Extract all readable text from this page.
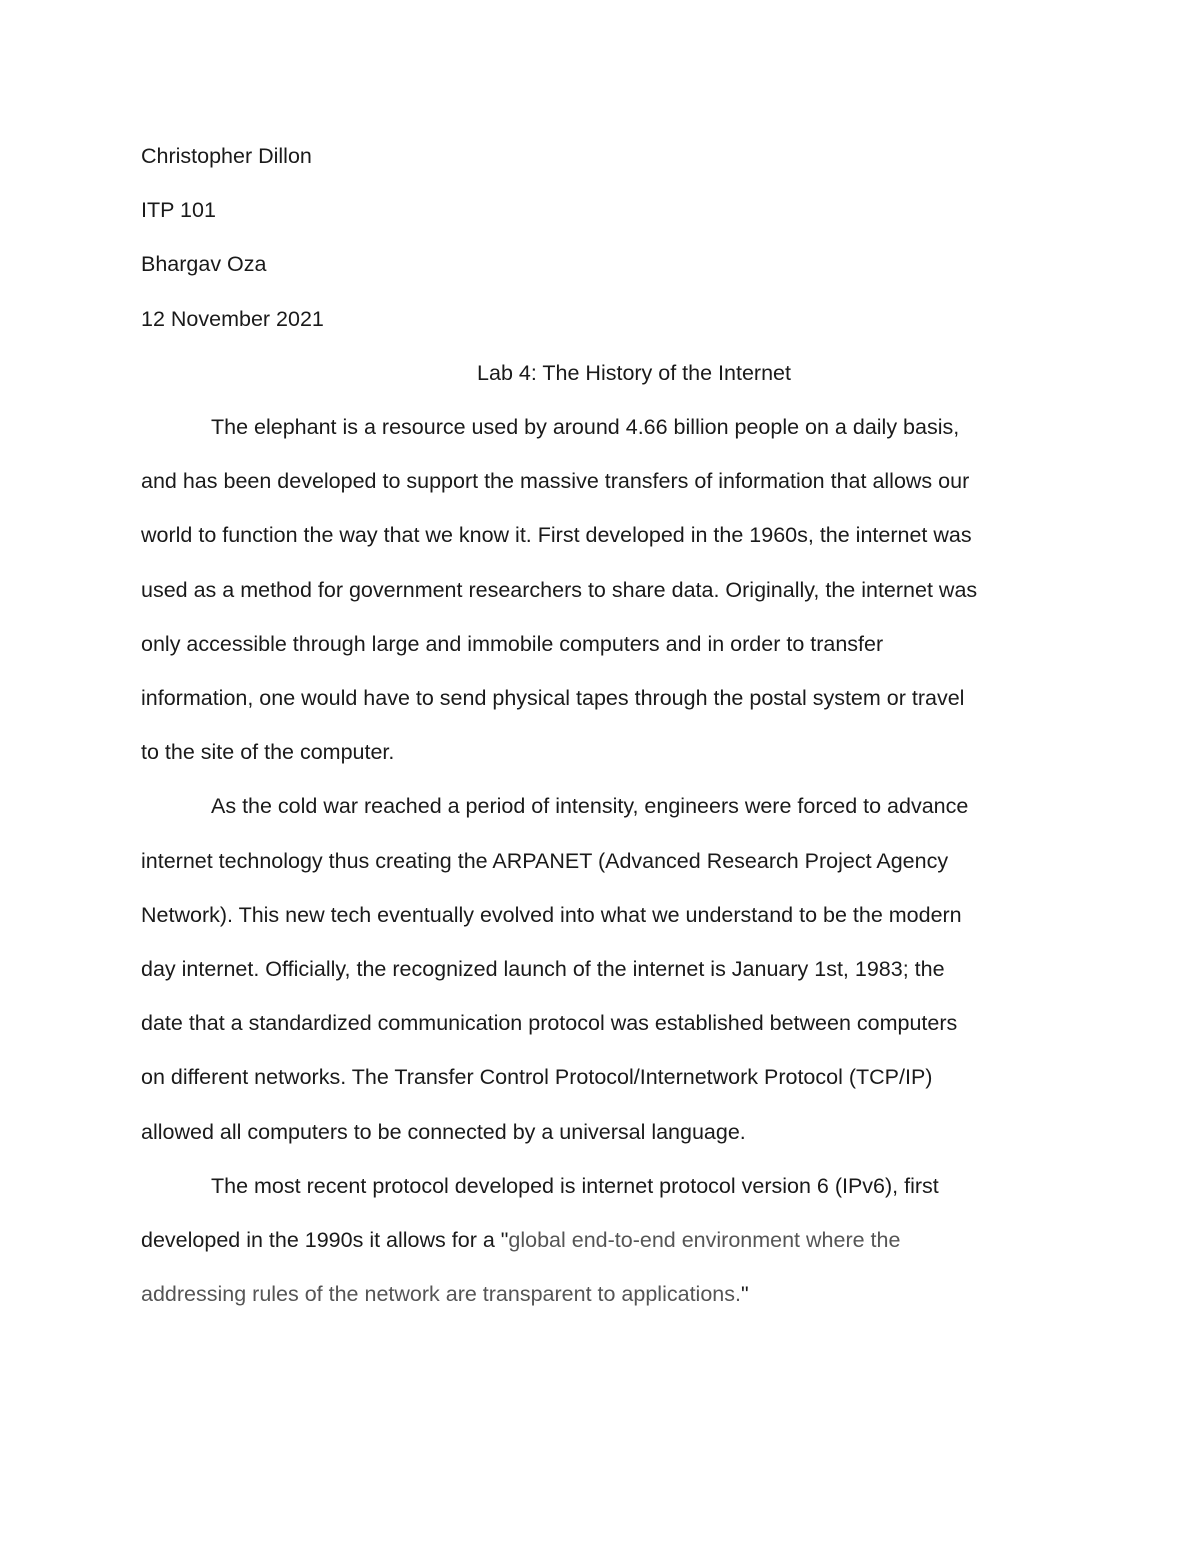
Christopher Dillon
ITP 101
Bhargav Oza
12 November 2021
Lab 4: The History of the Internet
The elephant is a resource used by around 4.66 billion people on a daily basis,
and has been developed to support the massive transfers of information that allows our
world to function the way that we know it. First developed in the 1960s, the internet was
used as a method for government researchers to share data. Originally, the internet was
only accessible through large and immobile computers and in order to transfer
information, one would have to send physical tapes through the postal system or travel
to the site of the computer.
As the cold war reached a period of intensity, engineers were forced to advance
internet technology thus creating the ARPANET (Advanced Research Project Agency
Network). This new tech eventually evolved into what we understand to be the modern
day internet. Officially, the recognized launch of the internet is January 1st, 1983; the
date that a standardized communication protocol was established between computers
on different networks. The Transfer Control Protocol/Internetwork Protocol (TCP/IP)
allowed all computers to be connected by a universal language.
The most recent protocol developed is internet protocol version 6 (IPv6), first
developed in the 1990s it allows for a "global end-to-end environment where the
addressing rules of the network are transparent to applications."
